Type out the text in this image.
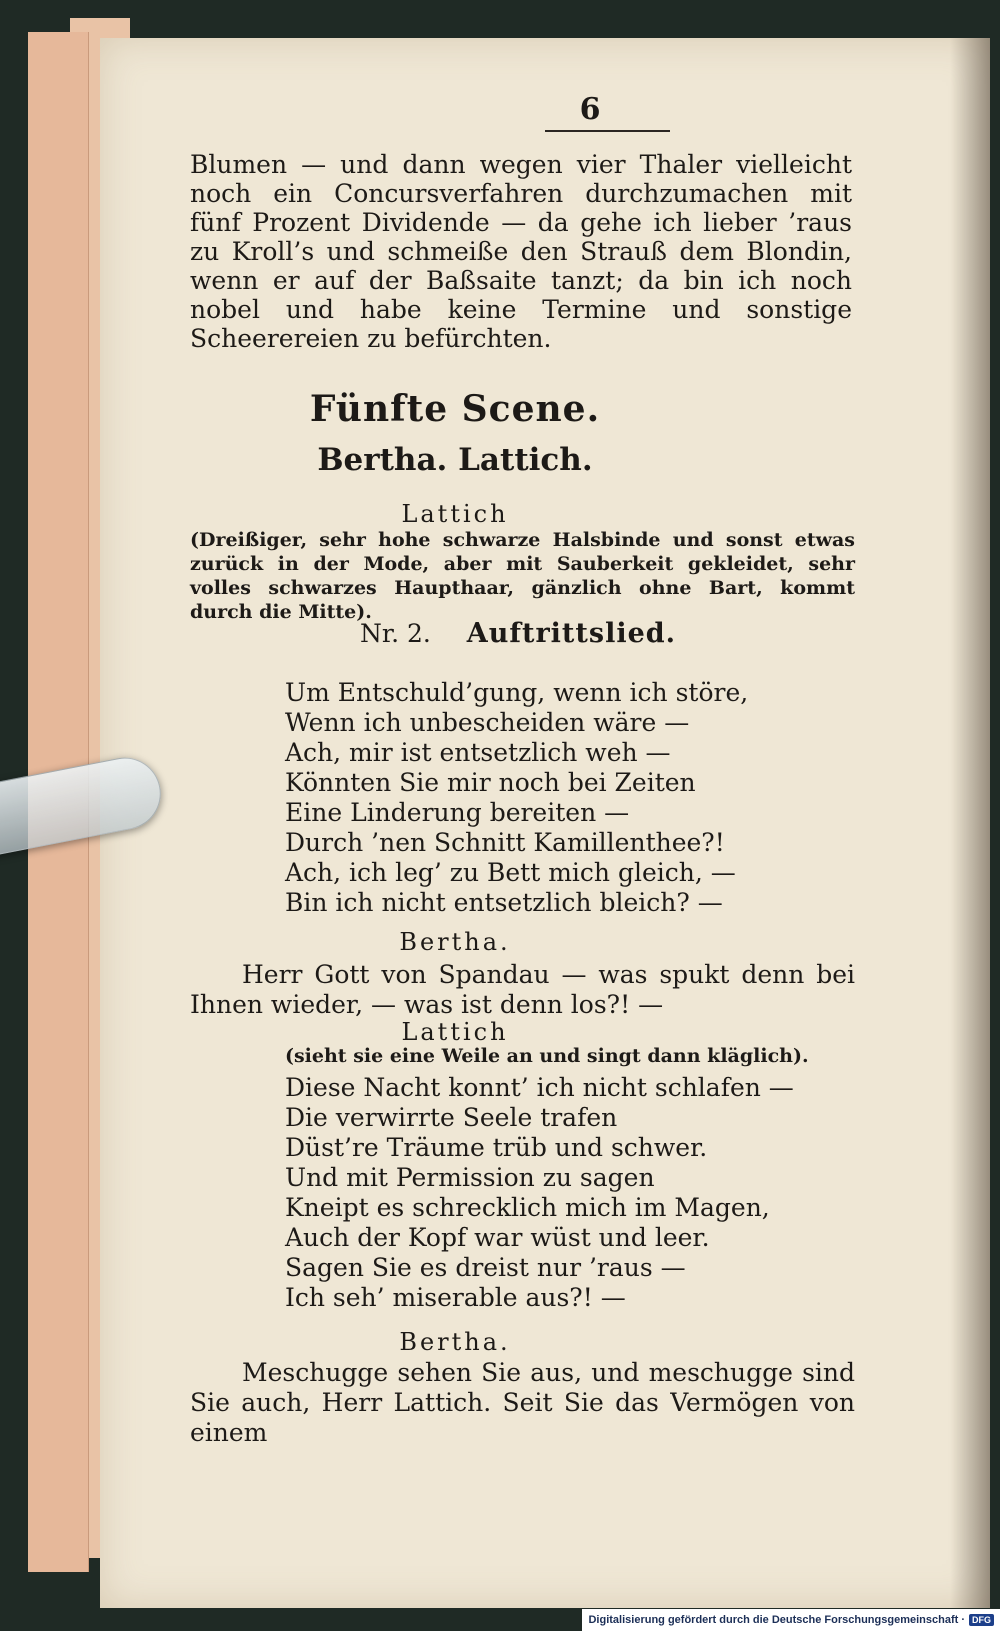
6
Blumen — und dann wegen vier Thaler vielleicht noch ein Concursverfahren durchzumachen mit fünf Prozent Dividende — da gehe ich lieber ’raus zu Kroll’s und schmeiße den Strauß dem Blondin, wenn er auf der Baßsaite tanzt; da bin ich noch nobel und habe keine Termine und sonstige Scheerereien zu befürchten.
Fünfte Scene.
Bertha. Lattich.
Lattich
(Dreißiger, sehr hohe schwarze Halsbinde und sonst etwas zurück in der Mode, aber mit Sauberkeit gekleidet, sehr volles schwarzes Haupthaar, gänzlich ohne Bart, kommt durch die Mitte).
Nr. 2. Auftrittslied.
Um Entschuld’gung, wenn ich störe,
Wenn ich unbescheiden wäre —
Ach, mir ist entsetzlich weh —
Könnten Sie mir noch bei Zeiten
Eine Linderung bereiten —
Durch ’nen Schnitt Kamillenthee?!
Ach, ich leg’ zu Bett mich gleich, —
Bin ich nicht entsetzlich bleich? —
Bertha.

Herr Gott von Spandau — was spukt denn bei Ihnen wieder, — was ist denn los?! —

Lattich
(sieht sie eine Weile an und singt dann kläglich).
Diese Nacht konnt’ ich nicht schlafen —
Die verwirrte Seele trafen
Düst’re Träume trüb und schwer.
Und mit Permission zu sagen
Kneipt es schrecklich mich im Magen,
Auch der Kopf war wüst und leer.
Sagen Sie es dreist nur ’raus —
Ich seh’ miserable aus?! —
Bertha.

Meschugge sehen Sie aus, und meschugge sind Sie auch, Herr Lattich. Seit Sie das Vermögen von einem

Digitalisierung gefördert durch die Deutsche Forschungsgemeinschaft · DFG
